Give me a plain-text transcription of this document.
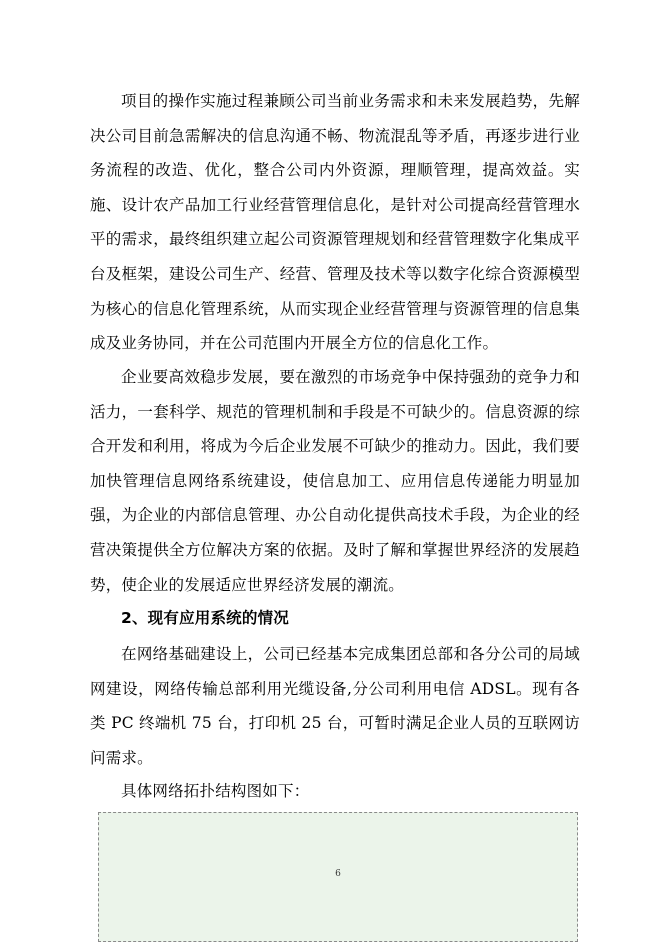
项目的操作实施过程兼顾公司当前业务需求和未来发展趋势，先解决公司目前急需解决的信息沟通不畅、物流混乱等矛盾，再逐步进行业务流程的改造、优化，整合公司内外资源，理顺管理，提高效益。实施、设计农产品加工行业经营管理信息化，是针对公司提高经营管理水平的需求，最终组织建立起公司资源管理规划和经营管理数字化集成平台及框架，建设公司生产、经营、管理及技术等以数字化综合资源模型为核心的信息化管理系统，从而实现企业经营管理与资源管理的信息集成及业务协同，并在公司范围内开展全方位的信息化工作。

企业要高效稳步发展，要在激烈的市场竞争中保持强劲的竞争力和活力，一套科学、规范的管理机制和手段是不可缺少的。信息资源的综合开发和利用，将成为今后企业发展不可缺少的推动力。因此，我们要加快管理信息网络系统建设，使信息加工、应用信息传递能力明显加强，为企业的内部信息管理、办公自动化提供高技术手段，为企业的经营决策提供全方位解决方案的依据。及时了解和掌握世界经济的发展趋势，使企业的发展适应世界经济发展的潮流。

2、现有应用系统的情况

在网络基础建设上，公司已经基本完成集团总部和各分公司的局域网建设，网络传输总部利用光缆设备,分公司利用电信 ADSL。现有各类 PC 终端机 75 台，打印机 25 台，可暂时满足企业人员的互联网访问需求。

具体网络拓扑结构图如下：

6
